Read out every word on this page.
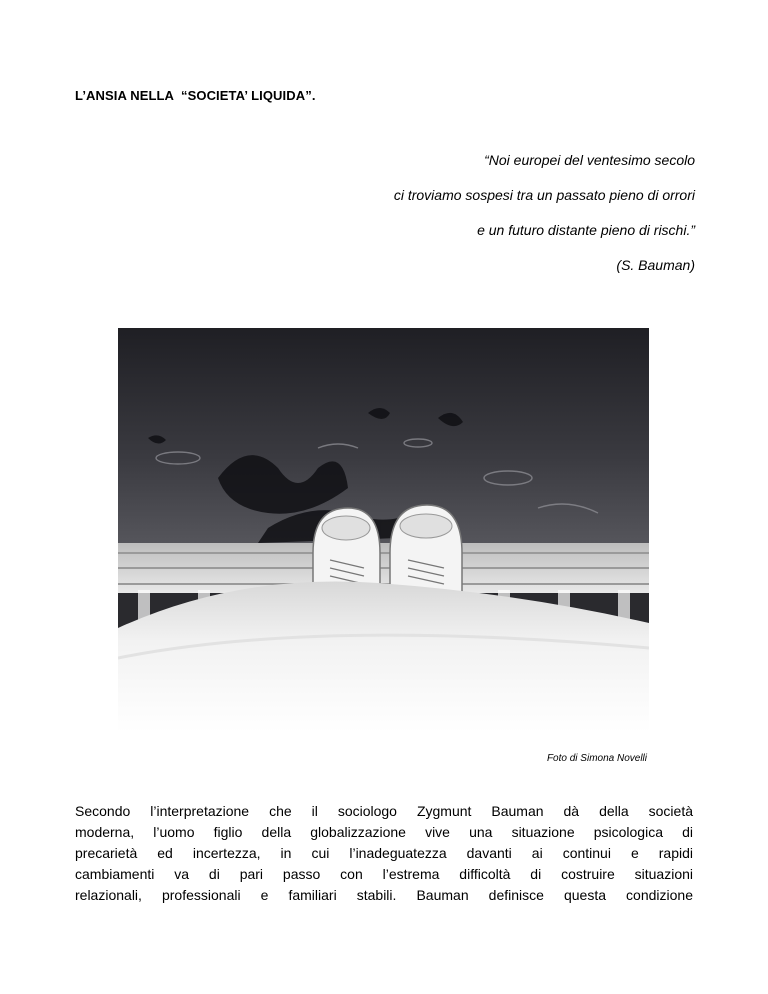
L’ANSIA NELLA  “SOCIETA’ LIQUIDA”.
“Noi europei del ventesimo secolo
ci troviamo sospesi tra un passato pieno di orrori
e un futuro distante pieno di rischi.”
(S. Bauman)
Foto di Simona Novelli
Secondo l’interpretazione che il sociologo Zygmunt Bauman dà della società
moderna, l’uomo figlio della globalizzazione vive una situazione psicologica di
precarietà ed incertezza, in cui l’inadeguatezza davanti ai continui e rapidi
cambiamenti va di pari passo con l’estrema difficoltà di costruire situazioni
relazionali, professionali e familiari stabili. Bauman definisce questa condizione
